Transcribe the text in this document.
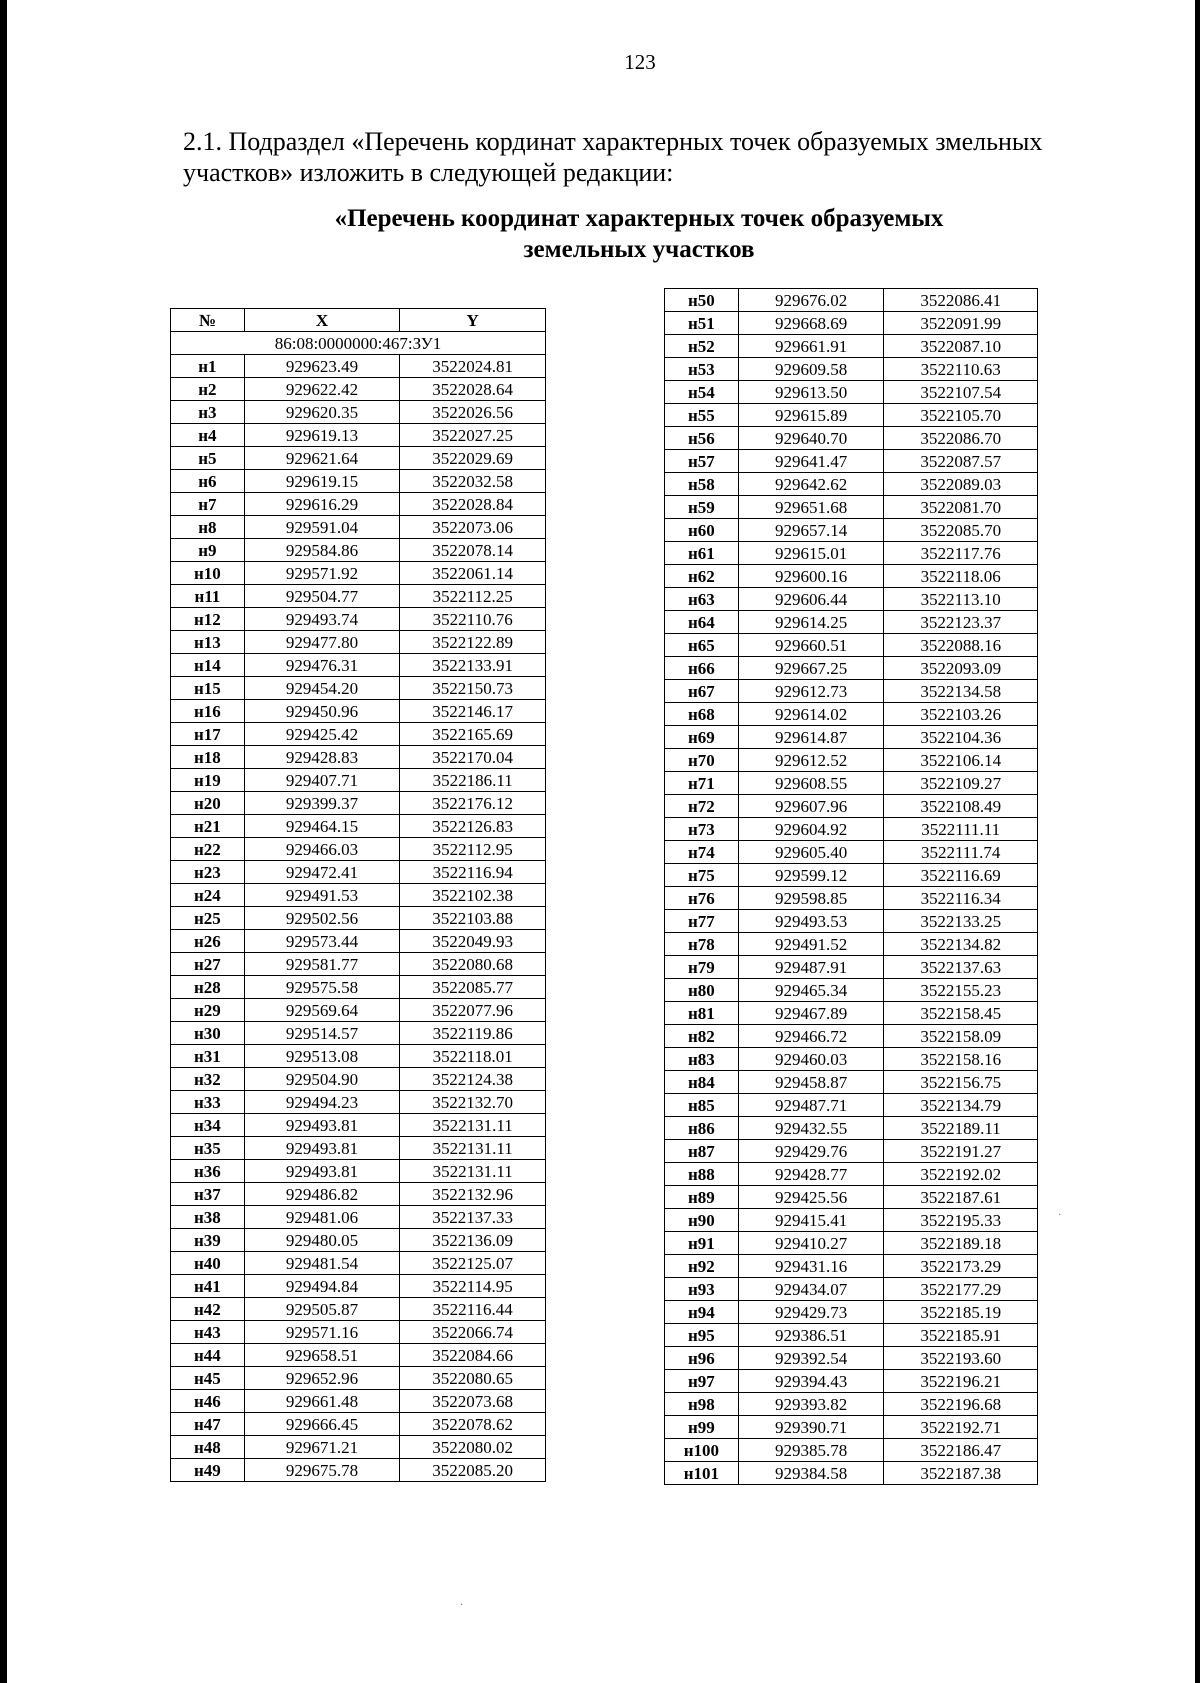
123
2.1. Подраздел «Перечень кординат характерных точек образуемых змельных участков» изложить в следующей редакции:
«Перечень координат характерных точек образуемых
земельных участков
№	X	Y
86:08:0000000:467:ЗУ1		
н1	929623.49	3522024.81
н2	929622.42	3522028.64
н3	929620.35	3522026.56
н4	929619.13	3522027.25
н5	929621.64	3522029.69
н6	929619.15	3522032.58
н7	929616.29	3522028.84
н8	929591.04	3522073.06
н9	929584.86	3522078.14
н10	929571.92	3522061.14
н11	929504.77	3522112.25
н12	929493.74	3522110.76
н13	929477.80	3522122.89
н14	929476.31	3522133.91
н15	929454.20	3522150.73
н16	929450.96	3522146.17
н17	929425.42	3522165.69
н18	929428.83	3522170.04
н19	929407.71	3522186.11
н20	929399.37	3522176.12
н21	929464.15	3522126.83
н22	929466.03	3522112.95
н23	929472.41	3522116.94
н24	929491.53	3522102.38
н25	929502.56	3522103.88
н26	929573.44	3522049.93
н27	929581.77	3522080.68
н28	929575.58	3522085.77
н29	929569.64	3522077.96
н30	929514.57	3522119.86
н31	929513.08	3522118.01
н32	929504.90	3522124.38
н33	929494.23	3522132.70
н34	929493.81	3522131.11
н35	929493.81	3522131.11
н36	929493.81	3522131.11
н37	929486.82	3522132.96
н38	929481.06	3522137.33
н39	929480.05	3522136.09
н40	929481.54	3522125.07
н41	929494.84	3522114.95
н42	929505.87	3522116.44
н43	929571.16	3522066.74
н44	929658.51	3522084.66
н45	929652.96	3522080.65
н46	929661.48	3522073.68
н47	929666.45	3522078.62
н48	929671.21	3522080.02
н49	929675.78	3522085.20
н50	929676.02	3522086.41
н51	929668.69	3522091.99
н52	929661.91	3522087.10
н53	929609.58	3522110.63
н54	929613.50	3522107.54
н55	929615.89	3522105.70
н56	929640.70	3522086.70
н57	929641.47	3522087.57
н58	929642.62	3522089.03
н59	929651.68	3522081.70
н60	929657.14	3522085.70
н61	929615.01	3522117.76
н62	929600.16	3522118.06
н63	929606.44	3522113.10
н64	929614.25	3522123.37
н65	929660.51	3522088.16
н66	929667.25	3522093.09
н67	929612.73	3522134.58
н68	929614.02	3522103.26
н69	929614.87	3522104.36
н70	929612.52	3522106.14
н71	929608.55	3522109.27
н72	929607.96	3522108.49
н73	929604.92	3522111.11
н74	929605.40	3522111.74
н75	929599.12	3522116.69
н76	929598.85	3522116.34
н77	929493.53	3522133.25
н78	929491.52	3522134.82
н79	929487.91	3522137.63
н80	929465.34	3522155.23
н81	929467.89	3522158.45
н82	929466.72	3522158.09
н83	929460.03	3522158.16
н84	929458.87	3522156.75
н85	929487.71	3522134.79
н86	929432.55	3522189.11
н87	929429.76	3522191.27
н88	929428.77	3522192.02
н89	929425.56	3522187.61
н90	929415.41	3522195.33
н91	929410.27	3522189.18
н92	929431.16	3522173.29
н93	929434.07	3522177.29
н94	929429.73	3522185.19
н95	929386.51	3522185.91
н96	929392.54	3522193.60
н97	929394.43	3522196.21
н98	929393.82	3522196.68
н99	929390.71	3522192.71
н100	929385.78	3522186.47
н101	929384.58	3522187.38
·
·
